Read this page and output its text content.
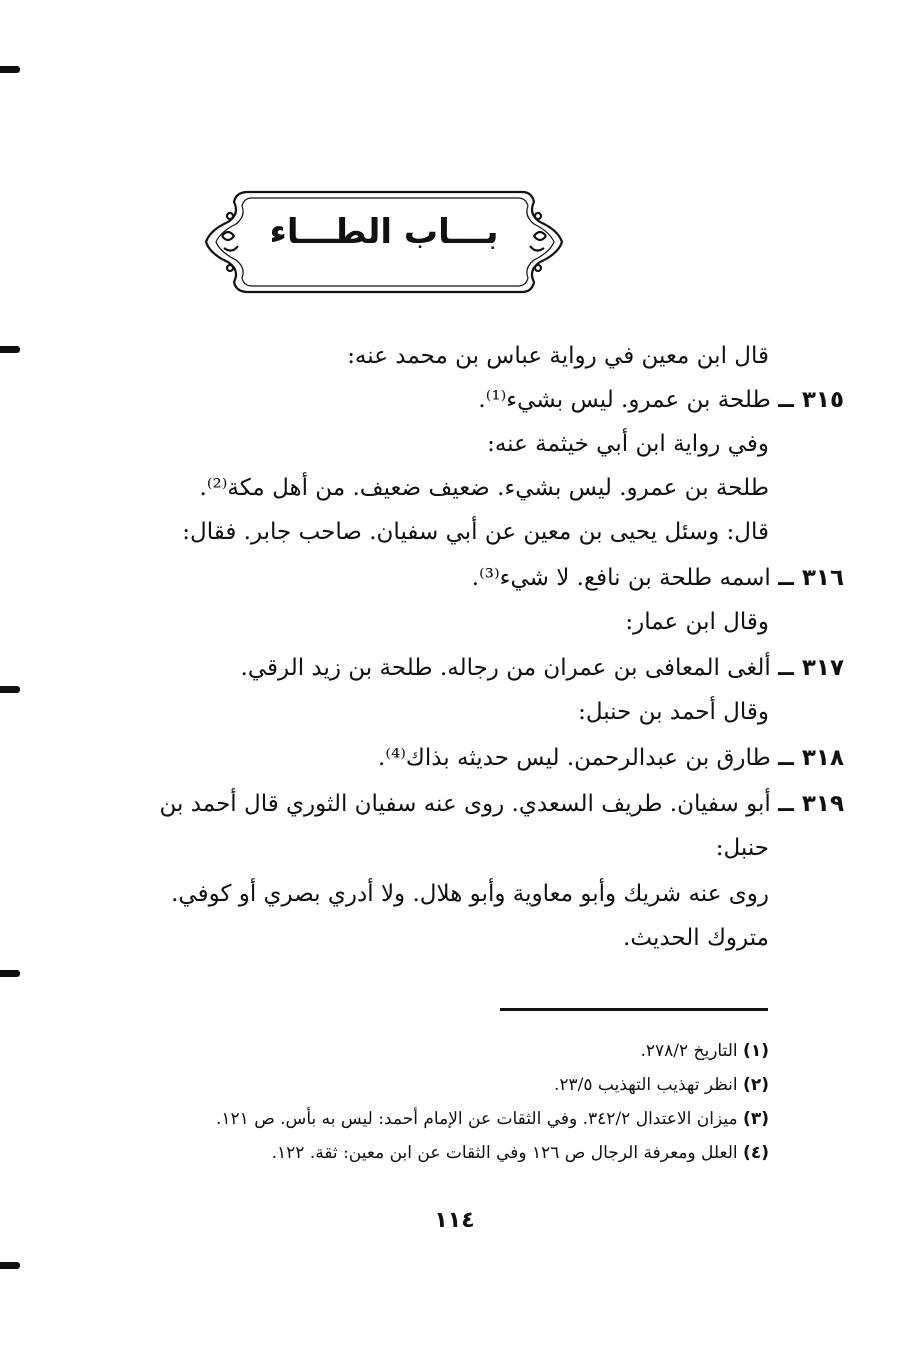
بـــاب الطـــاء
قال ابن معين في رواية عباس بن محمد عنه:
٣١٥ ــ طلحة بن عمرو. ليس بشيء⁽¹⁾.
وفي رواية ابن أبي خيثمة عنه:
طلحة بن عمرو. ليس بشيء. ضعيف ضعيف. من أهل مكة⁽²⁾.
قال: وسئل يحيى بن معين عن أبي سفيان. صاحب جابر. فقال:
٣١٦ ــ اسمه طلحة بن نافع. لا شيء⁽³⁾.
وقال ابن عمار:
٣١٧ ــ ألغى المعافى بن عمران من رجاله. طلحة بن زيد الرقي.
وقال أحمد بن حنبل:
٣١٨ ــ طارق بن عبدالرحمن. ليس حديثه بذاك⁽⁴⁾.
٣١٩ ــ أبو سفيان. طريف السعدي. روى عنه سفيان الثوري قال أحمد بن
حنبل:
روى عنه شريك وأبو معاوية وأبو هلال. ولا أدري بصري أو كوفي.
متروك الحديث.
(١) التاريخ ٢٧٨/٢.
(٢) انظر تهذيب التهذيب ٢٣/٥.
(٣) ميزان الاعتدال ٣٤٢/٢. وفي الثقات عن الإمام أحمد: ليس به بأس. ص ١٢١.
(٤) العلل ومعرفة الرجال ص ١٢٦ وفي الثقات عن ابن معين: ثقة. ١٢٢.
١١٤
